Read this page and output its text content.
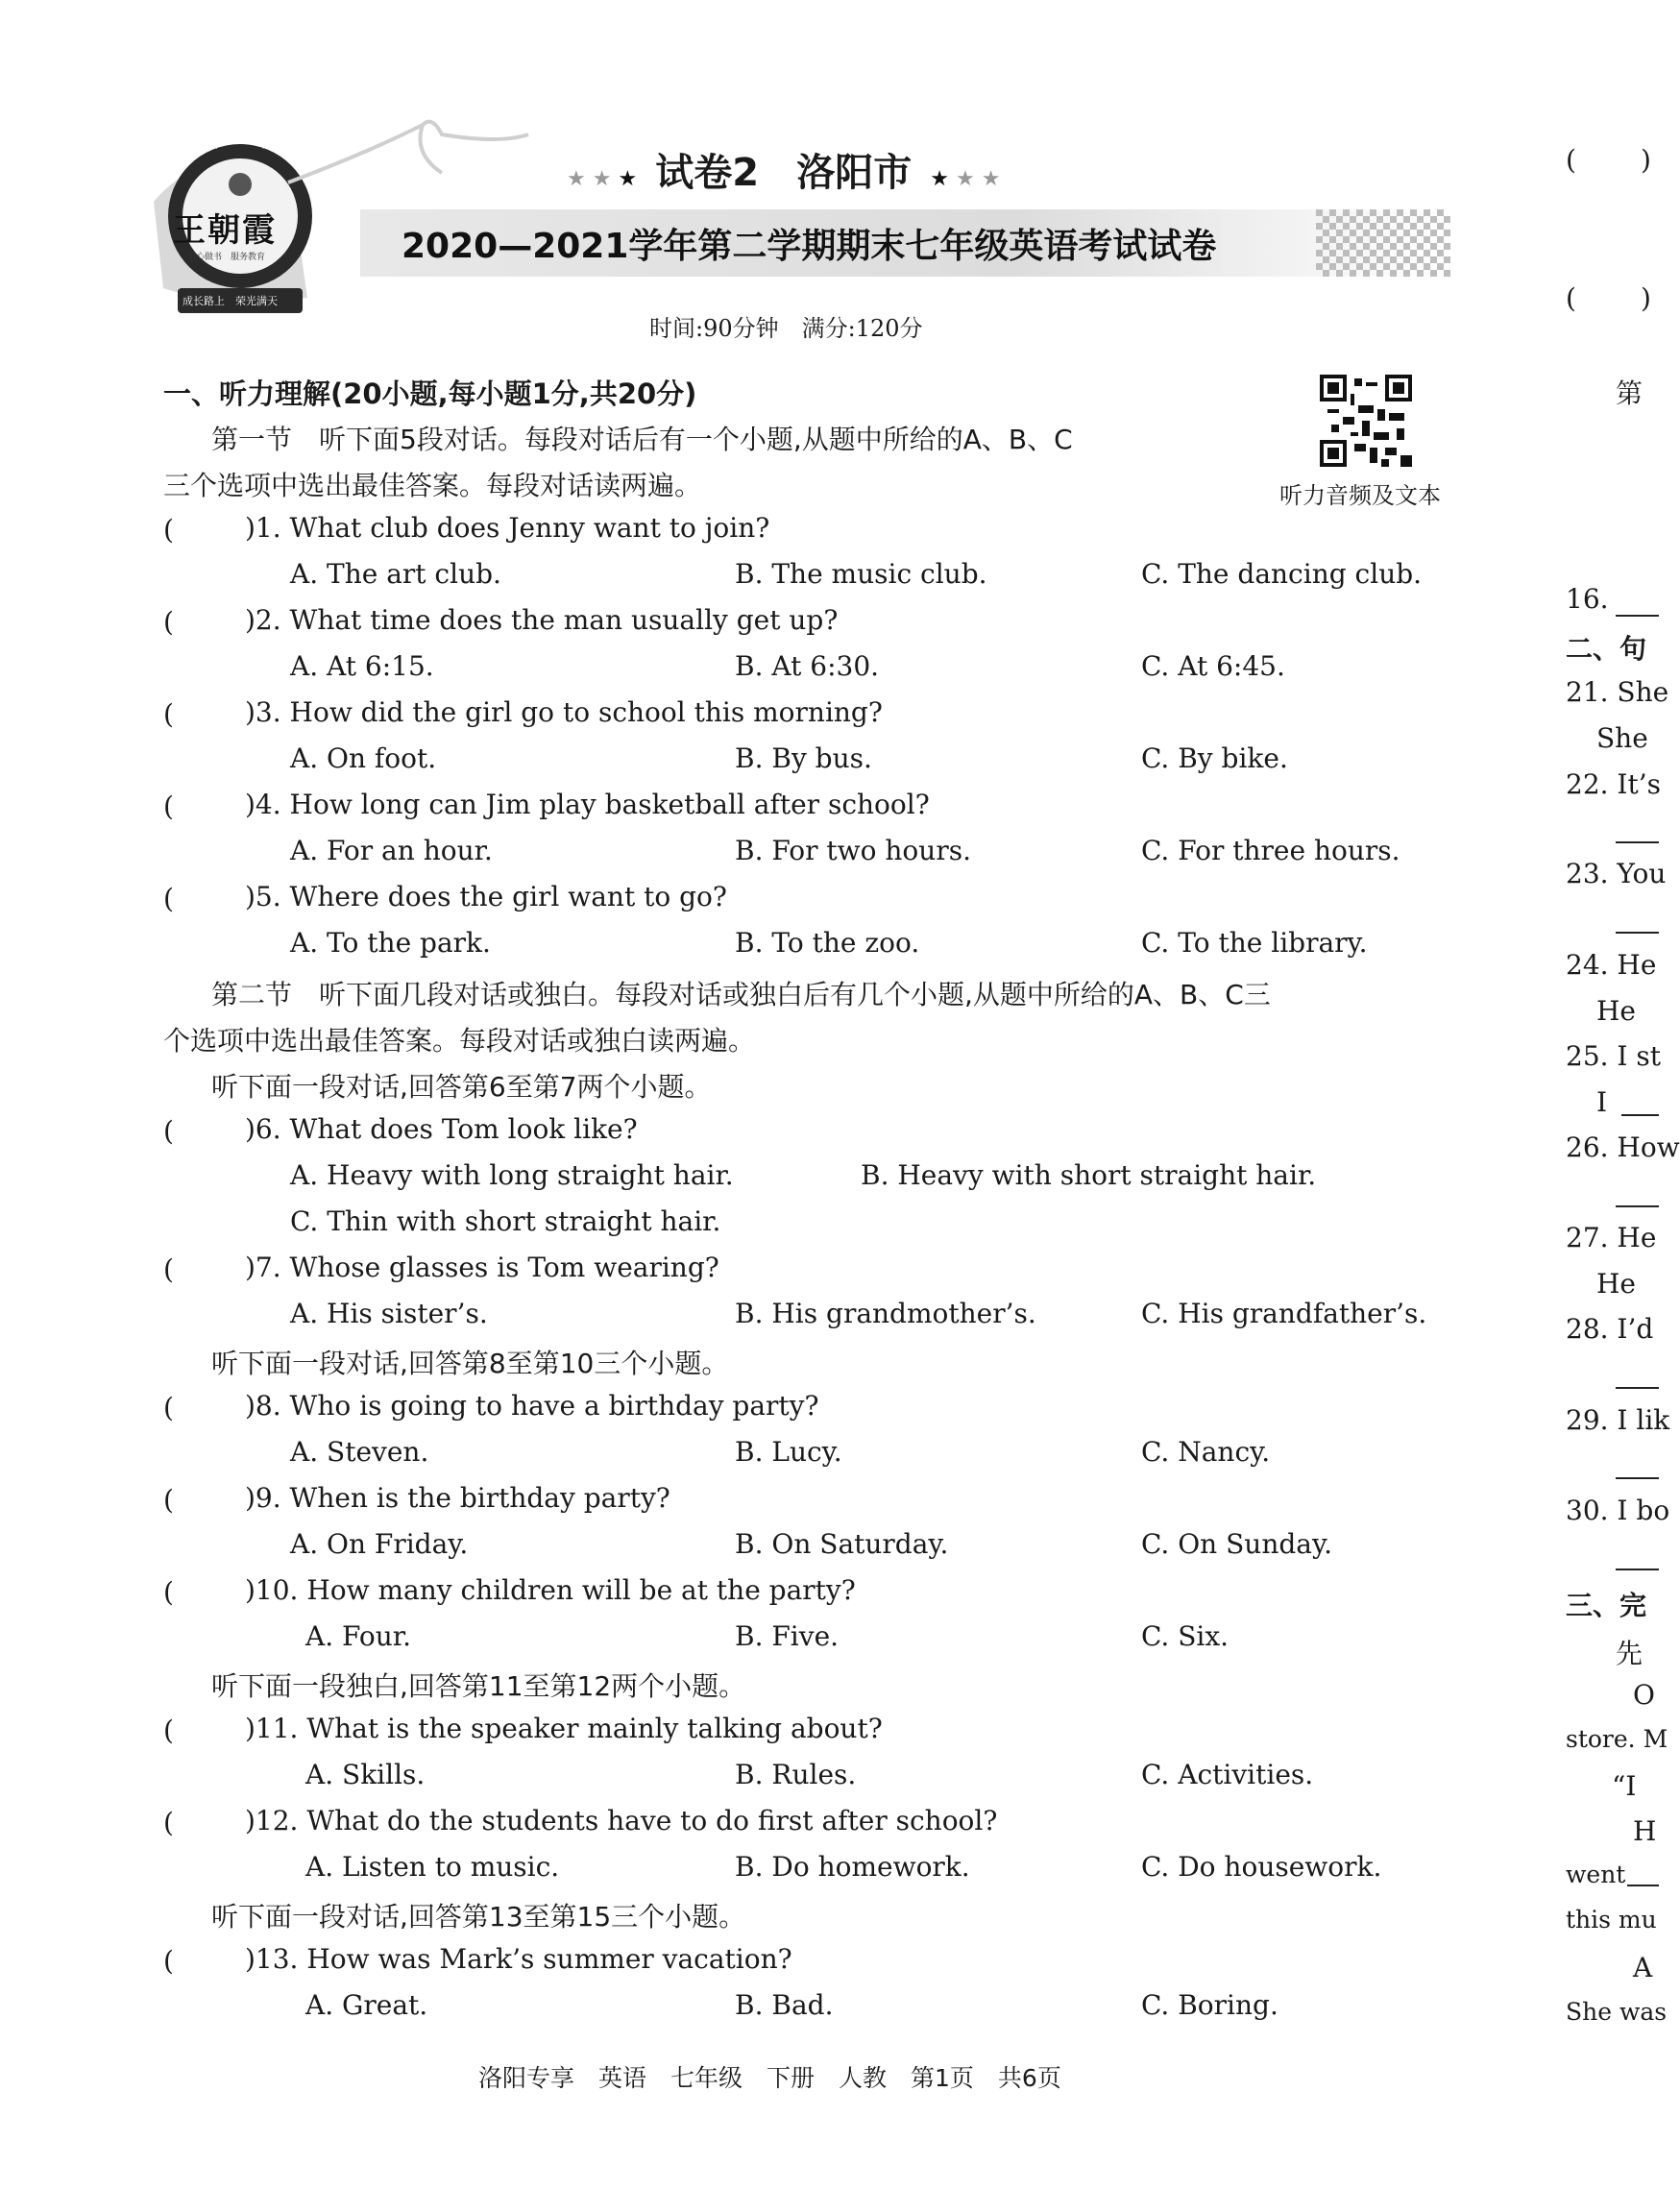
★
★ ★ ★
★
王朝霞
用心做书　服务教育
成长路上　荣光满天
★ ★ ★ 试卷2 洛阳市 ★ ★ ★
2020—2021学年第二学期期末七年级英语考试试卷
时间:90分钟　满分:120分
听力音频及文本
一、听力理解(20小题,每小题1分,共20分)
第一节　听下面5段对话。每段对话后有一个小题,从题中所给的A、B、C
三个选项中选出最佳答案。每段对话读两遍。
(	)1. What club does Jenny want to join?
A. The art club.	B. The music club.	C. The dancing club.
(	)2. What time does the man usually get up?
A. At 6:15.	B. At 6:30.	C. At 6:45.
(	)3. How did the girl go to school this morning?
A. On foot.	B. By bus.	C. By bike.
(	)4. How long can Jim play basketball after school?
A. For an hour.	B. For two hours.	C. For three hours.
(	)5. Where does the girl want to go?
A. To the park.	B. To the zoo.	C. To the library.
第二节　听下面几段对话或独白。每段对话或独白后有几个小题,从题中所给的A、B、C三
个选项中选出最佳答案。每段对话或独白读两遍。
听下面一段对话,回答第6至第7两个小题。
(	)6. What does Tom look like?
A. Heavy with long straight hair.	B. Heavy with short straight hair.
C. Thin with short straight hair.
(	)7. Whose glasses is Tom wearing?
A. His sister’s.	B. His grandmother’s.	C. His grandfather’s.
听下面一段对话,回答第8至第10三个小题。
(	)8. Who is going to have a birthday party?
A. Steven.	B. Lucy.	C. Nancy.
(	)9. When is the birthday party?
A. On Friday.	B. On Saturday.	C. On Sunday.
(	)10. How many children will be at the party?
A. Four.	B. Five.	C. Six.
听下面一段独白,回答第11至第12两个小题。
(	)11. What is the speaker mainly talking about?
A. Skills.	B. Rules.	C. Activities.
(	)12. What do the students have to do first after school?
A. Listen to music.	B. Do homework.	C. Do housework.
听下面一段对话,回答第13至第15三个小题。
(	)13. How was Mark’s summer vacation?
A. Great.	B. Bad.	C. Boring.
洛阳专享　英语　七年级　下册　人教　第1页　共6页
( )
( )
第
16.
二、句
21. She
She
22. It’s
23. You
24. He
He
25. I st
I
26. How
27. He
He
28. I’d
29. I lik
30. I bo
三、完
先
O
store. M
“I
H
went
this mu
A
She was
